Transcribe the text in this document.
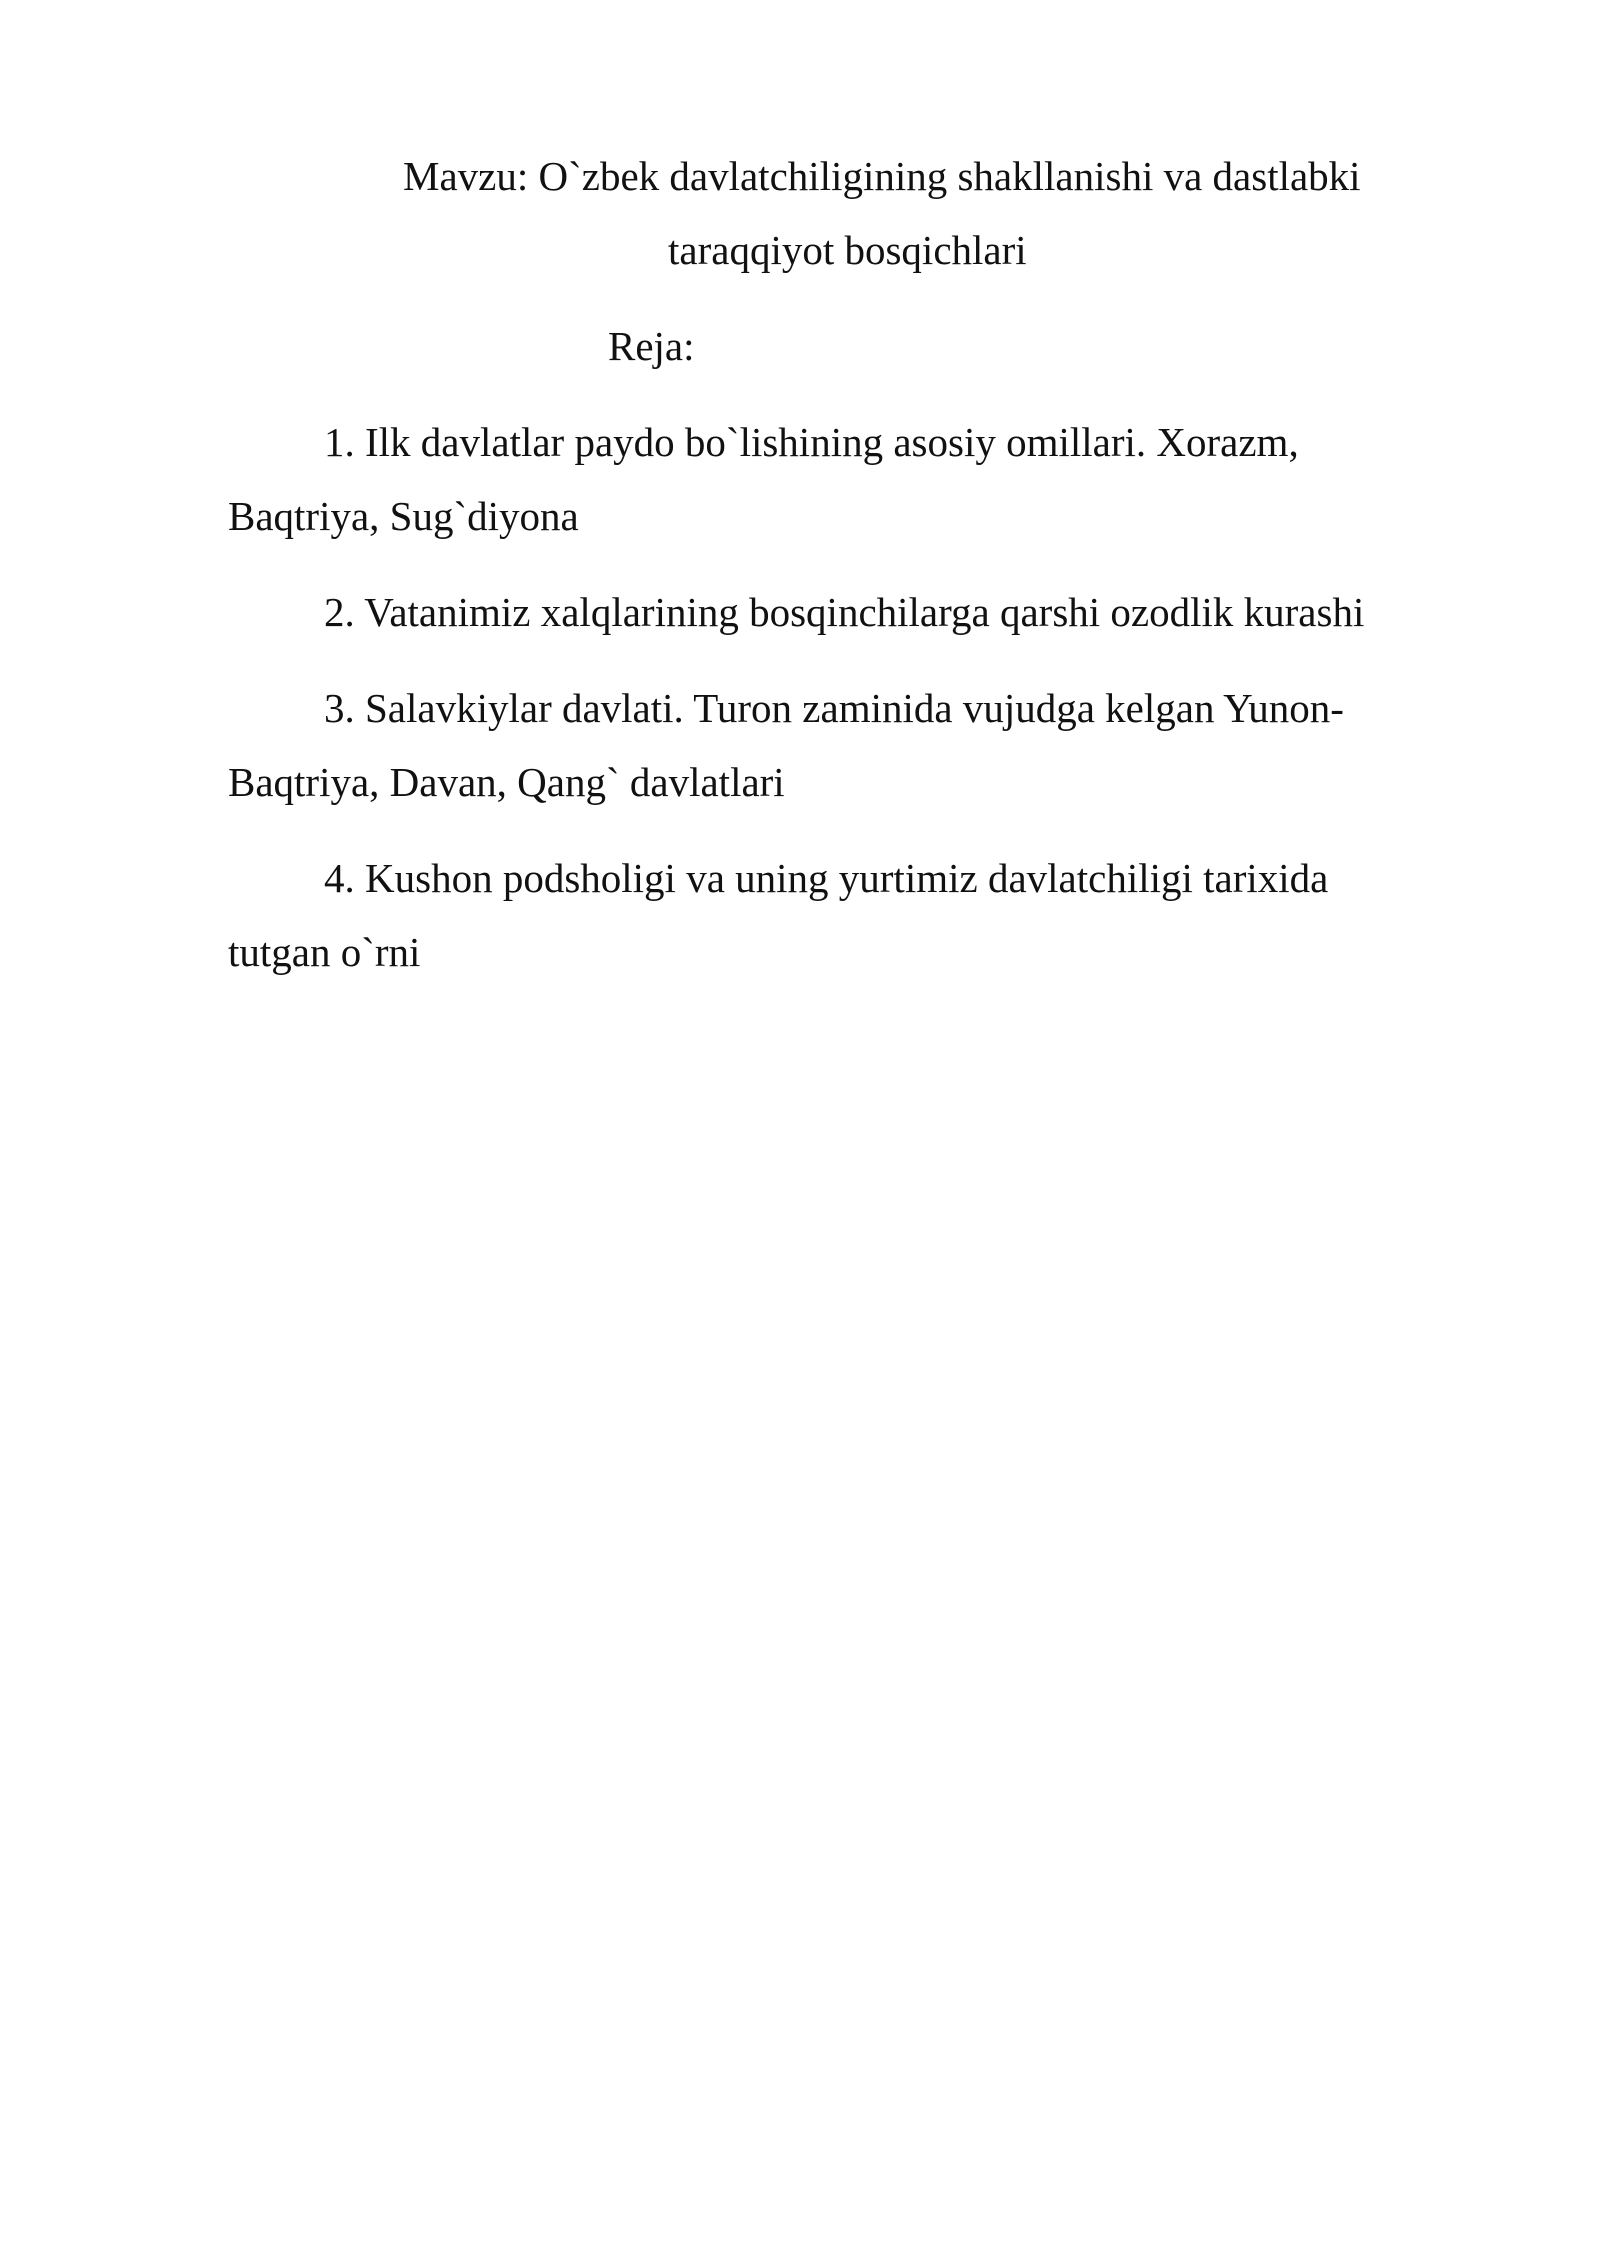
Mavzu: O`zbek davlatchiligining shakllanishi va dastlabki
taraqqiyot bosqichlari
Reja:
1. Ilk davlatlar paydo bo`lishining asosiy omillari. Xorazm,
Baqtriya, Sug`diyona
2. Vatanimiz xalqlarining bosqinchilarga qarshi ozodlik kurashi
3. Salavkiylar davlati. Turon zaminida vujudga kelgan Yunon-
Baqtriya, Davan, Qang` davlatlari
4. Kushon podsholigi va uning yurtimiz davlatchiligi tarixida
tutgan o`rni
